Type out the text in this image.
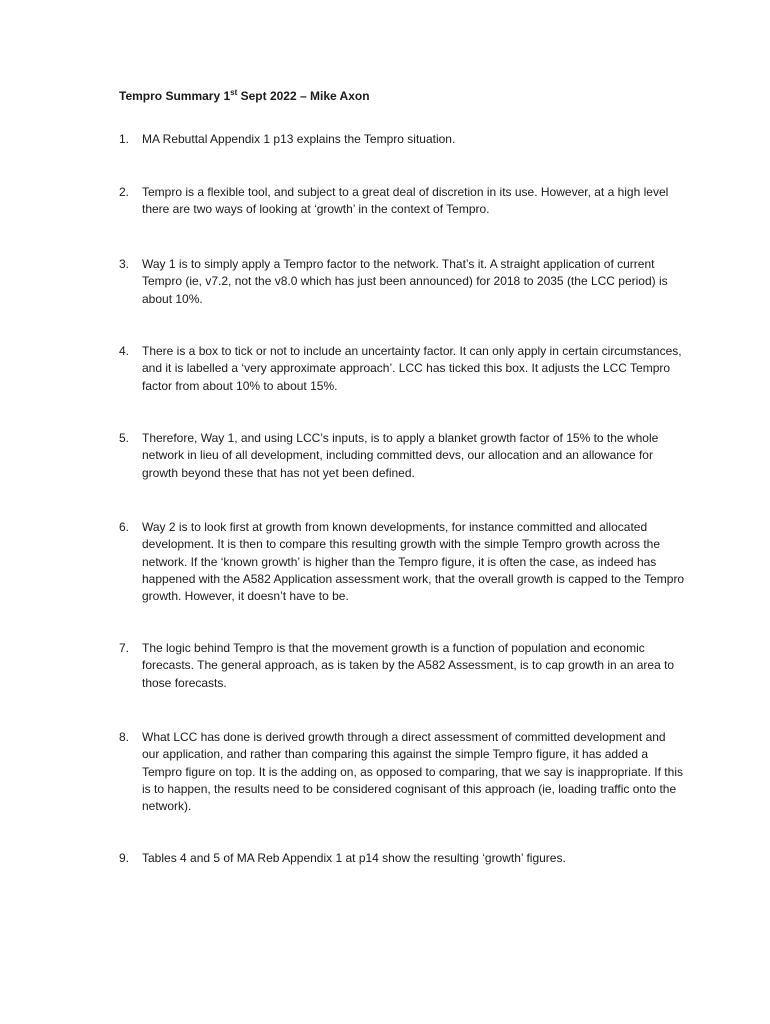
Tempro Summary 1st Sept 2022 – Mike Axon
1.	MA Rebuttal Appendix 1 p13 explains the Tempro situation.
2.	Tempro is a flexible tool, and subject to a great deal of discretion in its use. However, at a high level there are two ways of looking at ‘growth’ in the context of Tempro.
3.	Way 1 is to simply apply a Tempro factor to the network. That’s it. A straight application of current Tempro (ie, v7.2, not the v8.0 which has just been announced) for 2018 to 2035 (the LCC period) is about 10%.
4.	There is a box to tick or not to include an uncertainty factor. It can only apply in certain circumstances, and it is labelled a ‘very approximate approach’. LCC has ticked this box. It adjusts the LCC Tempro factor from about 10% to about 15%.
5.	Therefore, Way 1, and using LCC’s inputs, is to apply a blanket growth factor of 15% to the whole network in lieu of all development, including committed devs, our allocation and an allowance for growth beyond these that has not yet been defined.
6.	Way 2 is to look first at growth from known developments, for instance committed and allocated development. It is then to compare this resulting growth with the simple Tempro growth across the network. If the ‘known growth’ is higher than the Tempro figure, it is often the case, as indeed has happened with the A582 Application assessment work, that the overall growth is capped to the Tempro growth. However, it doesn’t have to be.
7.	The logic behind Tempro is that the movement growth is a function of population and economic forecasts. The general approach, as is taken by the A582 Assessment, is to cap growth in an area to those forecasts.
8.	What LCC has done is derived growth through a direct assessment of committed development and our application, and rather than comparing this against the simple Tempro figure, it has added a Tempro figure on top. It is the adding on, as opposed to comparing, that we say is inappropriate. If this is to happen, the results need to be considered cognisant of this approach (ie, loading traffic onto the network).
9.	Tables 4 and 5 of MA Reb Appendix 1 at p14 show the resulting ‘growth’ figures.
